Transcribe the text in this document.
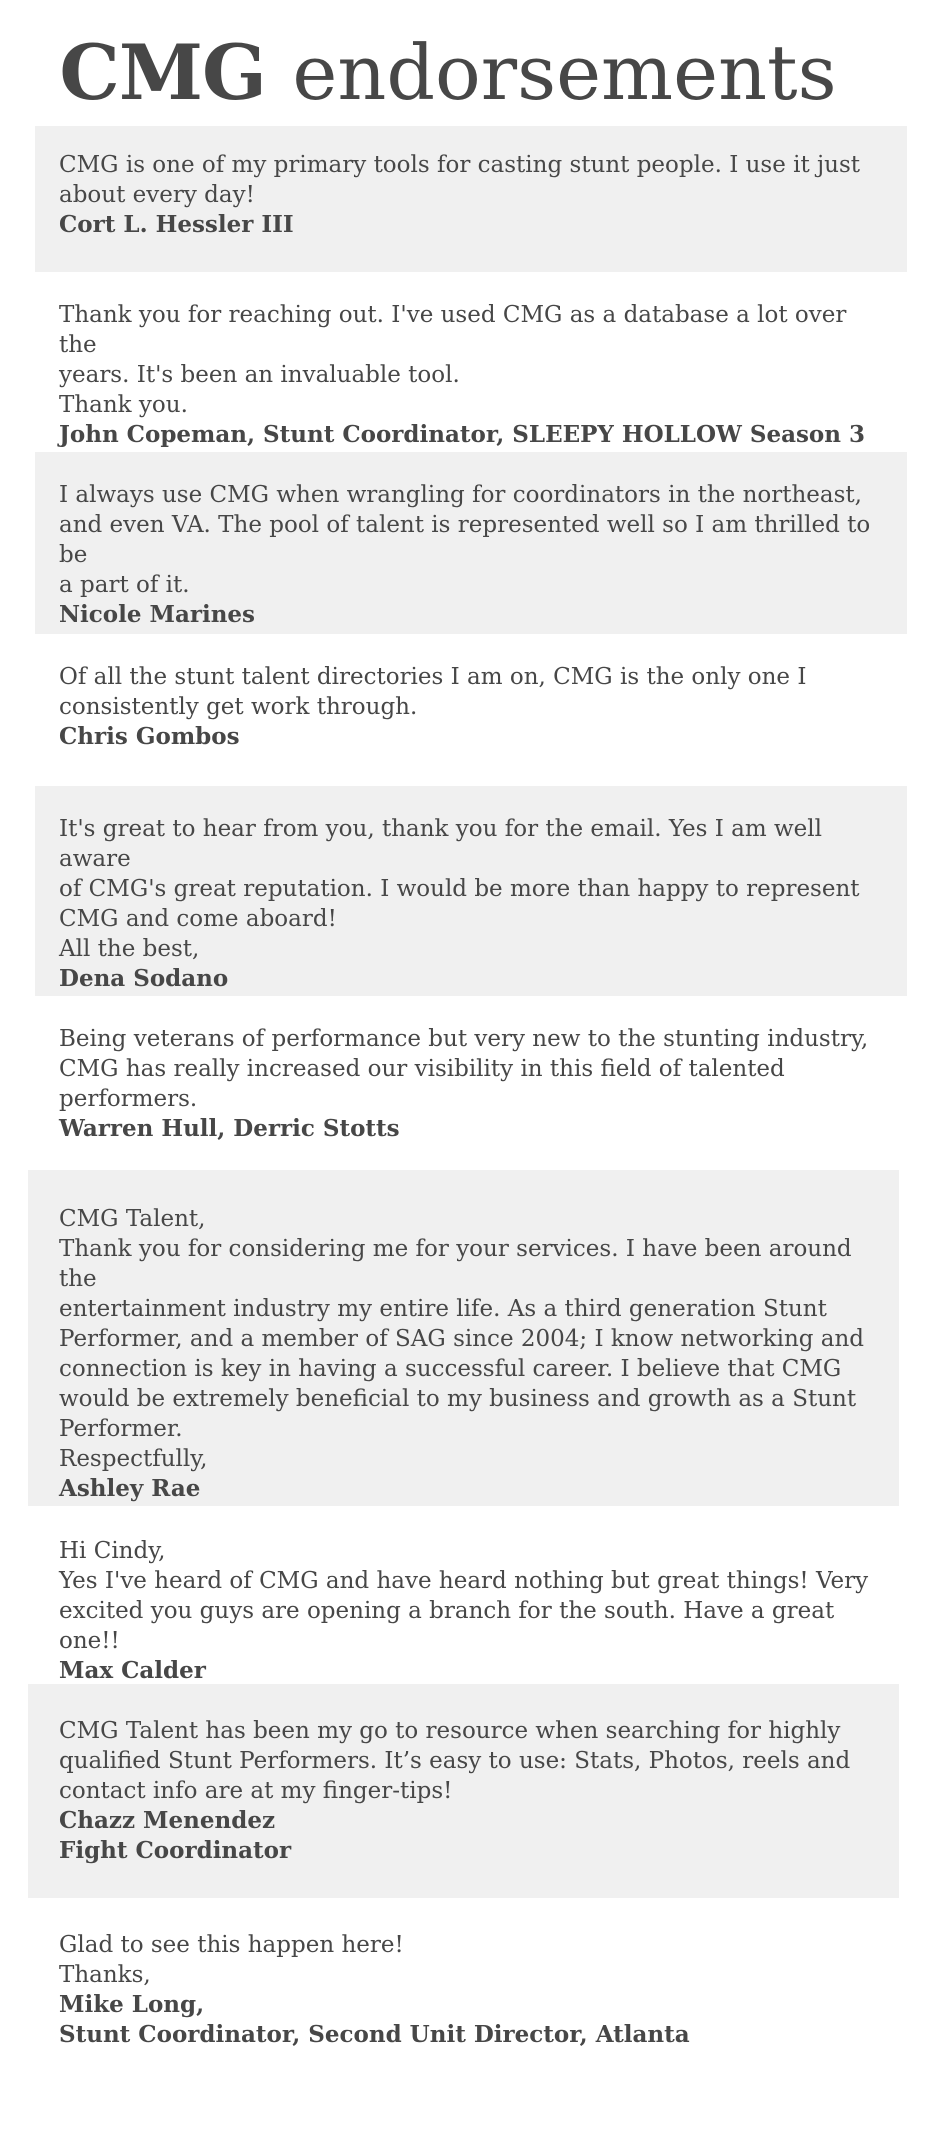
CMG endorsements

CMG is one of my primary tools for casting stunt people. I use it just
about every day!

Cort L. Hessler III

Thank you for reaching out. I've used CMG as a database a lot over the
years. It's been an invaluable tool.
Thank you.

John Copeman, Stunt Coordinator, SLEEPY HOLLOW Season 3

I always use CMG when wrangling for coordinators in the northeast,
and even VA. The pool of talent is represented well so I am thrilled to be
a part of it.

Nicole Marines

Of all the stunt talent directories I am on, CMG is the only one I
consistently get work through.

Chris Gombos

It's great to hear from you, thank you for the email. Yes I am well aware
of CMG's great reputation. I would be more than happy to represent
CMG and come aboard!
All the best,

Dena Sodano

Being veterans of performance but very new to the stunting industry,
CMG has really increased our visibility in this field of talented
performers.

Warren Hull, Derric Stotts

CMG Talent,
Thank you for considering me for your services. I have been around the
entertainment industry my entire life. As a third generation Stunt
Performer, and a member of SAG since 2004; I know networking and
connection is key in having a successful career. I believe that CMG
would be extremely beneficial to my business and growth as a Stunt
Performer.
Respectfully,

Ashley Rae

Hi Cindy,
Yes I've heard of CMG and have heard nothing but great things! Very
excited you guys are opening a branch for the south. Have a great one!!

Max Calder

CMG Talent has been my go to resource when searching for highly
qualified Stunt Performers. It’s easy to use: Stats, Photos, reels and
contact info are at my finger-tips!

Chazz Menendez
Fight Coordinator

Glad to see this happen here!
Thanks,

Mike Long,
Stunt Coordinator, Second Unit Director, Atlanta
